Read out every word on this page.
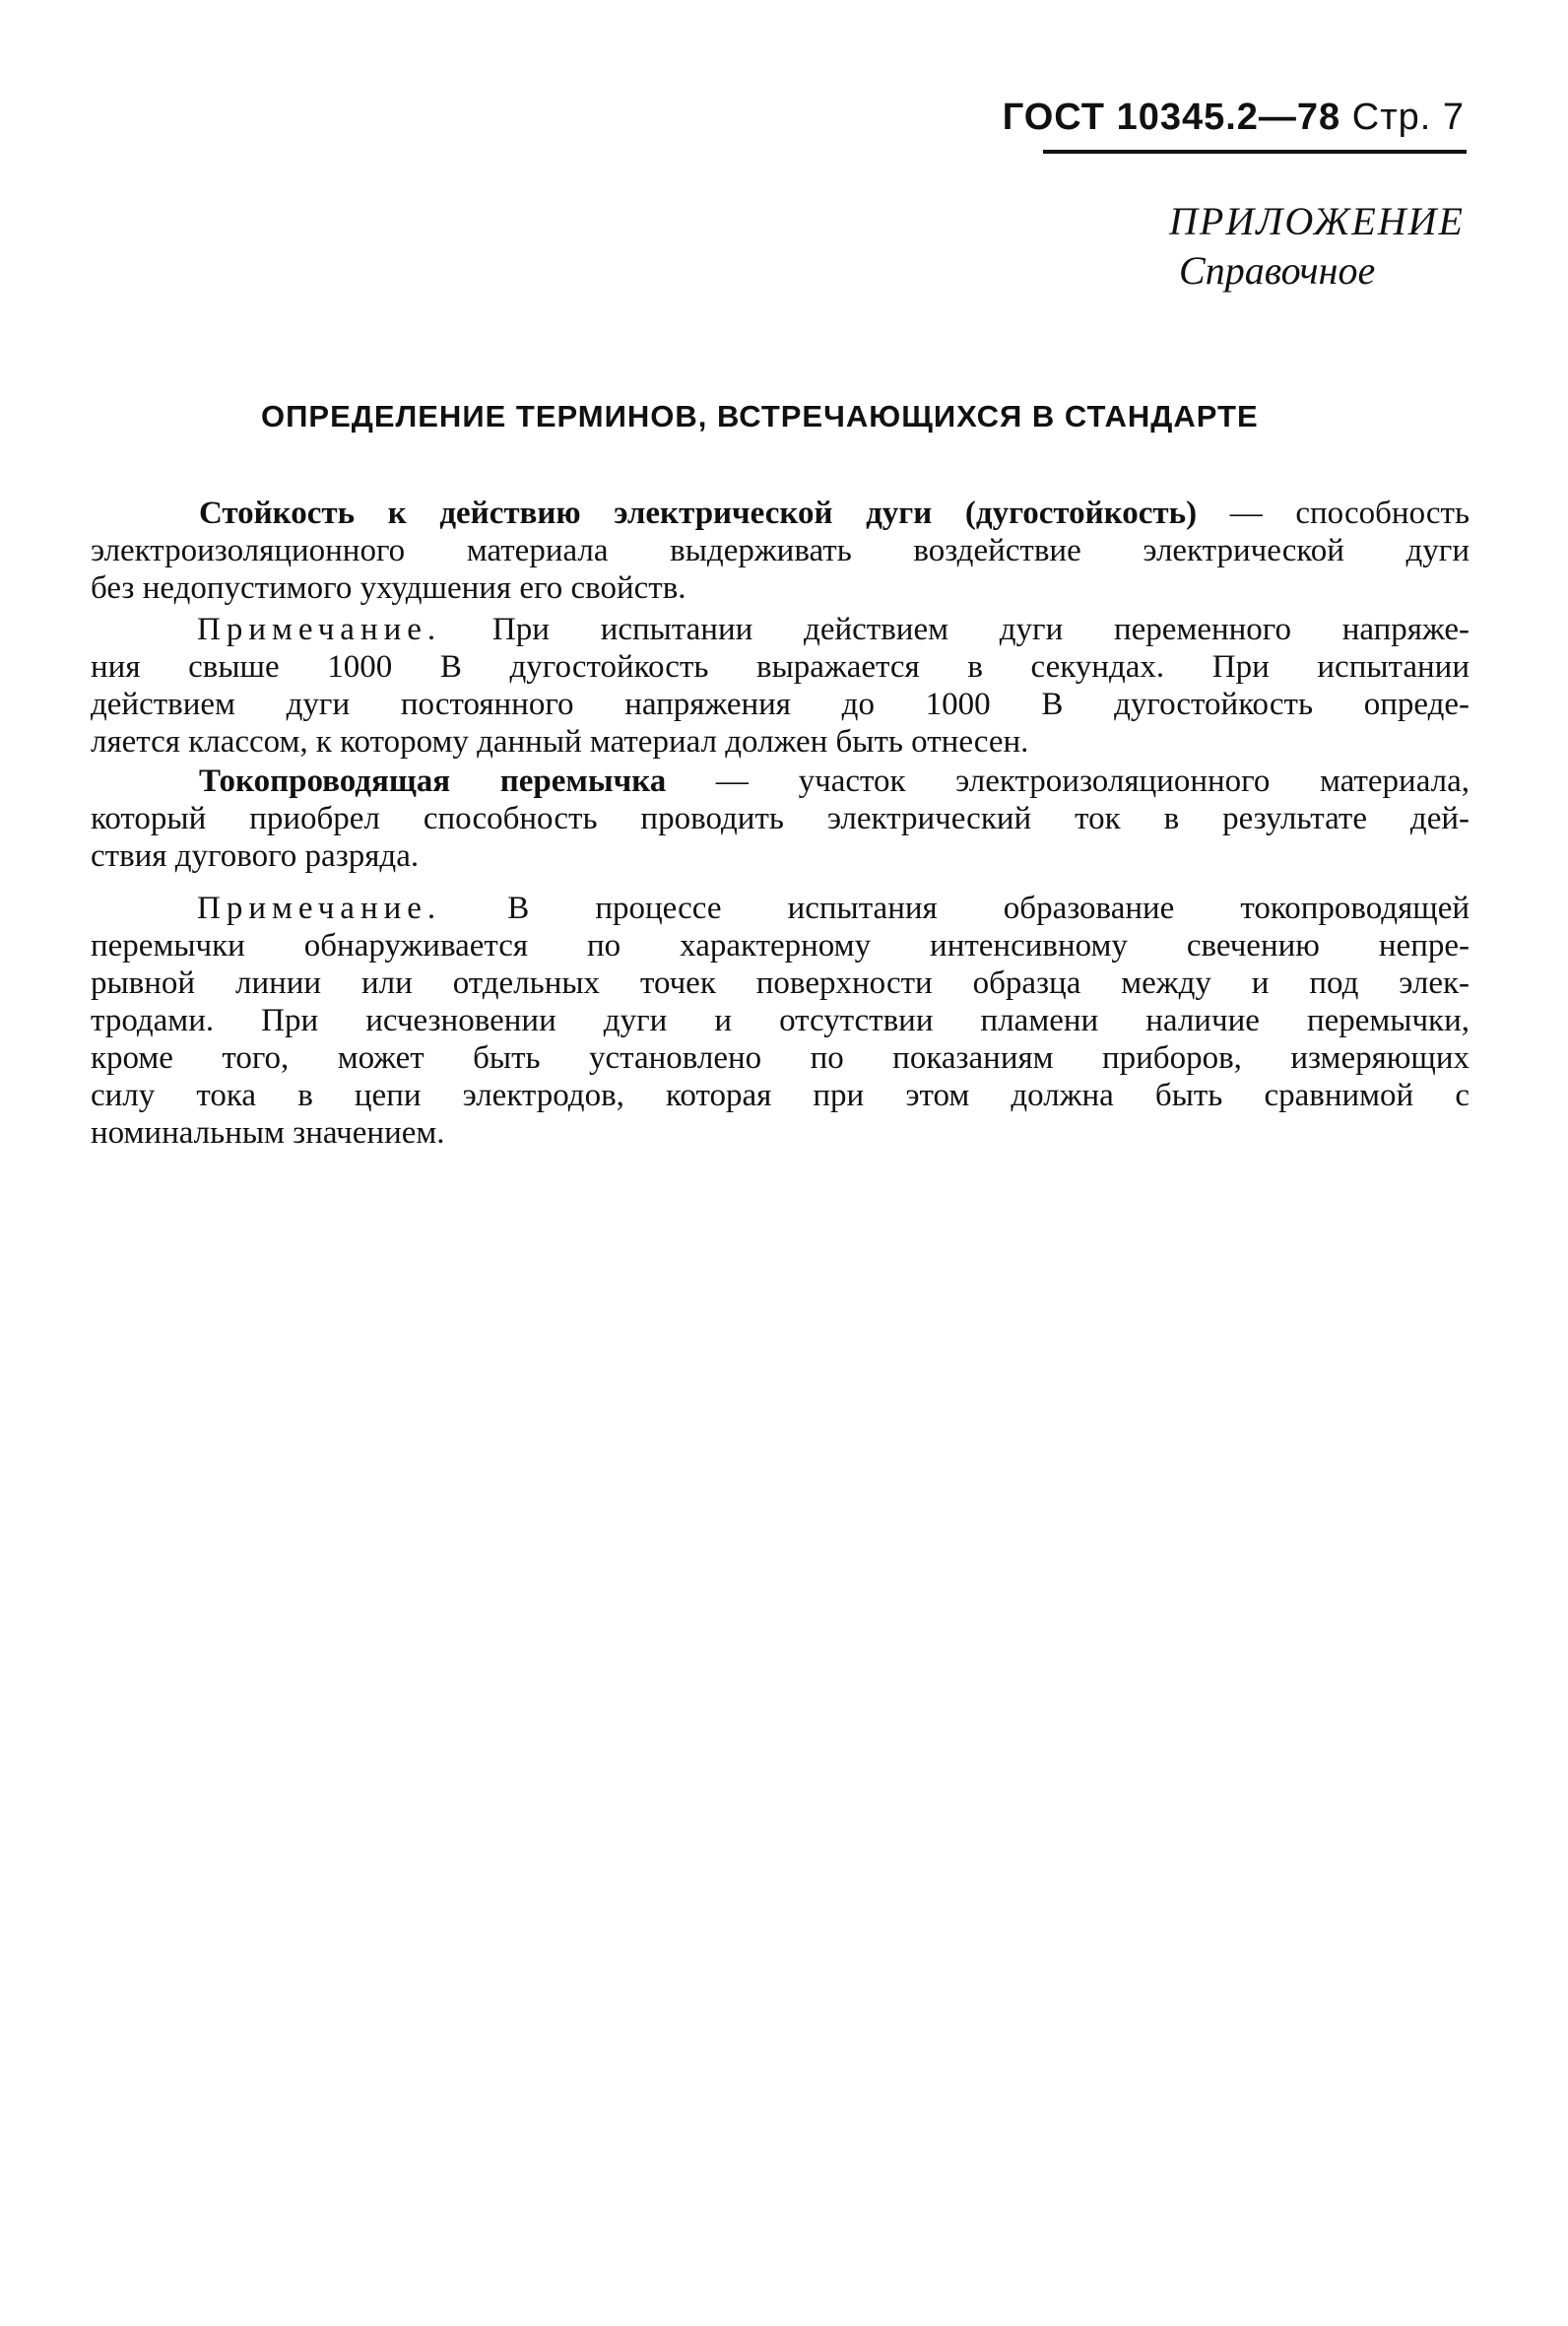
ГОСТ 10345.2—78 Стр. 7
ПРИЛОЖЕНИЕ
Справочное
ОПРЕДЕЛЕНИЕ ТЕРМИНОВ, ВСТРЕЧАЮЩИХСЯ В СТАНДАРТЕ
Стойкость к действию электрической дуги (дугостойкость) — способность
электроизоляционного материала выдерживать воздействие электрической дуги
без недопустимого ухудшения его свойств.
Примечание. При испытании действием дуги переменного напряже-
ния свыше 1000 В дугостойкость выражается в секундах. При испытании
действием дуги постоянного напряжения до 1000 В дугостойкость опреде-
ляется классом, к которому данный материал должен быть отнесен.
Токопроводящая перемычка — участок электроизоляционного материала,
который приобрел способность проводить электрический ток в результате дей-
ствия дугового разряда.
Примечание. В процессе испытания образование токопроводящей
перемычки обнаруживается по характерному интенсивному свечению непре-
рывной линии или отдельных точек поверхности образца между и под элек-
тродами. При исчезновении дуги и отсутствии пламени наличие перемычки,
кроме того, может быть установлено по показаниям приборов, измеряющих
силу тока в цепи электродов, которая при этом должна быть сравнимой с
номинальным значением.
